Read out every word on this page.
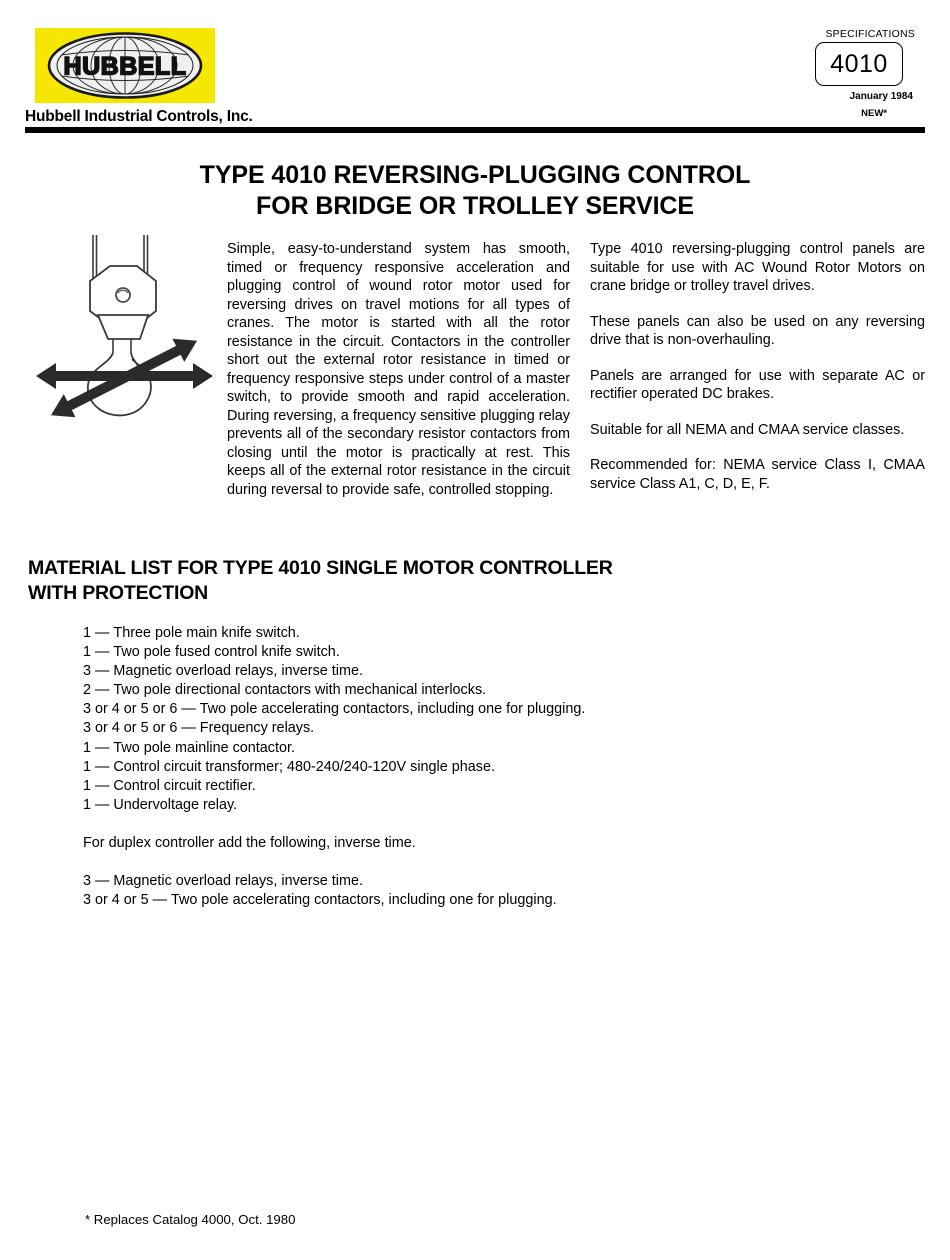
HUBBELL
Hubbell Industrial Controls, Inc.
SPECIFICATIONS
4010
January 1984
NEW*
TYPE 4010 REVERSING-PLUGGING CONTROL
FOR BRIDGE OR TROLLEY SERVICE

Simple, easy-to-understand system has smooth, timed or frequency responsive acceleration and plugging control of wound rotor motor used for reversing drives on travel motions for all types of cranes. The motor is started with all the rotor resistance in the circuit. Contactors in the controller short out the external rotor resistance in timed or frequency responsive steps under control of a master switch, to provide smooth and rapid acceleration. During reversing, a frequency sensitive plugging relay prevents all of the secondary resistor contactors from closing until the motor is practically at rest. This keeps all of the external rotor resistance in the circuit during reversal to provide safe, controlled stopping.

Type 4010 reversing-plugging control panels are suitable for use with AC Wound Rotor Motors on crane bridge or trolley travel drives.

These panels can also be used on any reversing drive that is non-overhauling.

Panels are arranged for use with separate AC or rectifier operated DC brakes.

Suitable for all NEMA and CMAA service classes.

Recommended for: NEMA service Class I, CMAA service Class A1, C, D, E, F.

MATERIAL LIST FOR TYPE 4010 SINGLE MOTOR CONTROLLER
WITH PROTECTION
1 — Three pole main knife switch.
1 — Two pole fused control knife switch.
3 — Magnetic overload relays, inverse time.
2 — Two pole directional contactors with mechanical interlocks.
3 or 4 or 5 or 6 — Two pole accelerating contactors, including one for plugging.
3 or 4 or 5 or 6 — Frequency relays.
1 — Two pole mainline contactor.
1 — Control circuit transformer; 480-240/240-120V single phase.
1 — Control circuit rectifier.
1 — Undervoltage relay.
For duplex controller add the following, inverse time.
3 — Magnetic overload relays, inverse time.
3 or 4 or 5 — Two pole accelerating contactors, including one for plugging.
* Replaces Catalog 4000, Oct. 1980
